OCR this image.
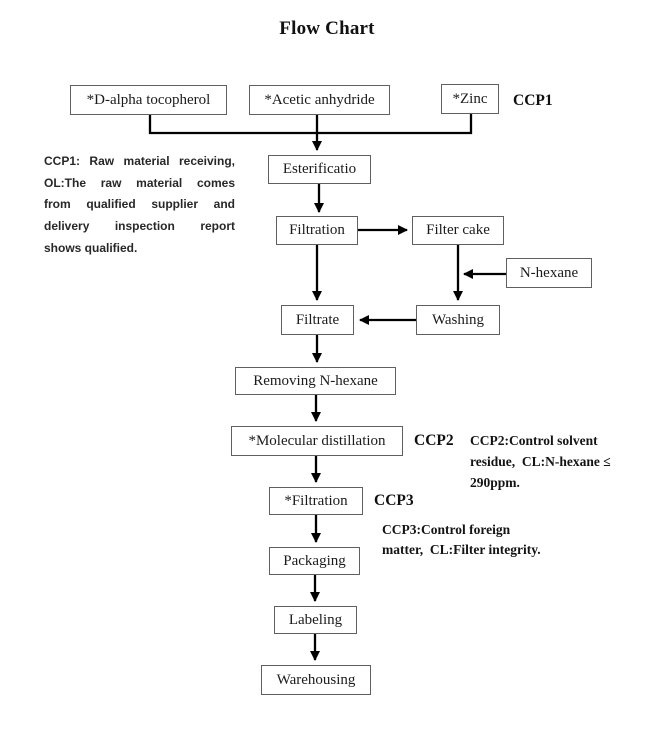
Flow Chart
*D-alpha tocopherol	*Acetic anhydride	*Zinc
Esterificatio
Filtration	Filter cake
N-hexane
Filtrate	Washing
Removing N-hexane
*Molecular distillation
*Filtration
Packaging
Labeling
Warehousing
CCP1
CCP2
CCP3
CCP1: Raw material receiving,
OL:The raw material comes
from qualified supplier and
delivery inspection report
shows qualified.
CCP2:Control solvent
residue,  CL:N-hexane ≤
290ppm.
CCP3:Control foreign
matter,  CL:Filter integrity.
